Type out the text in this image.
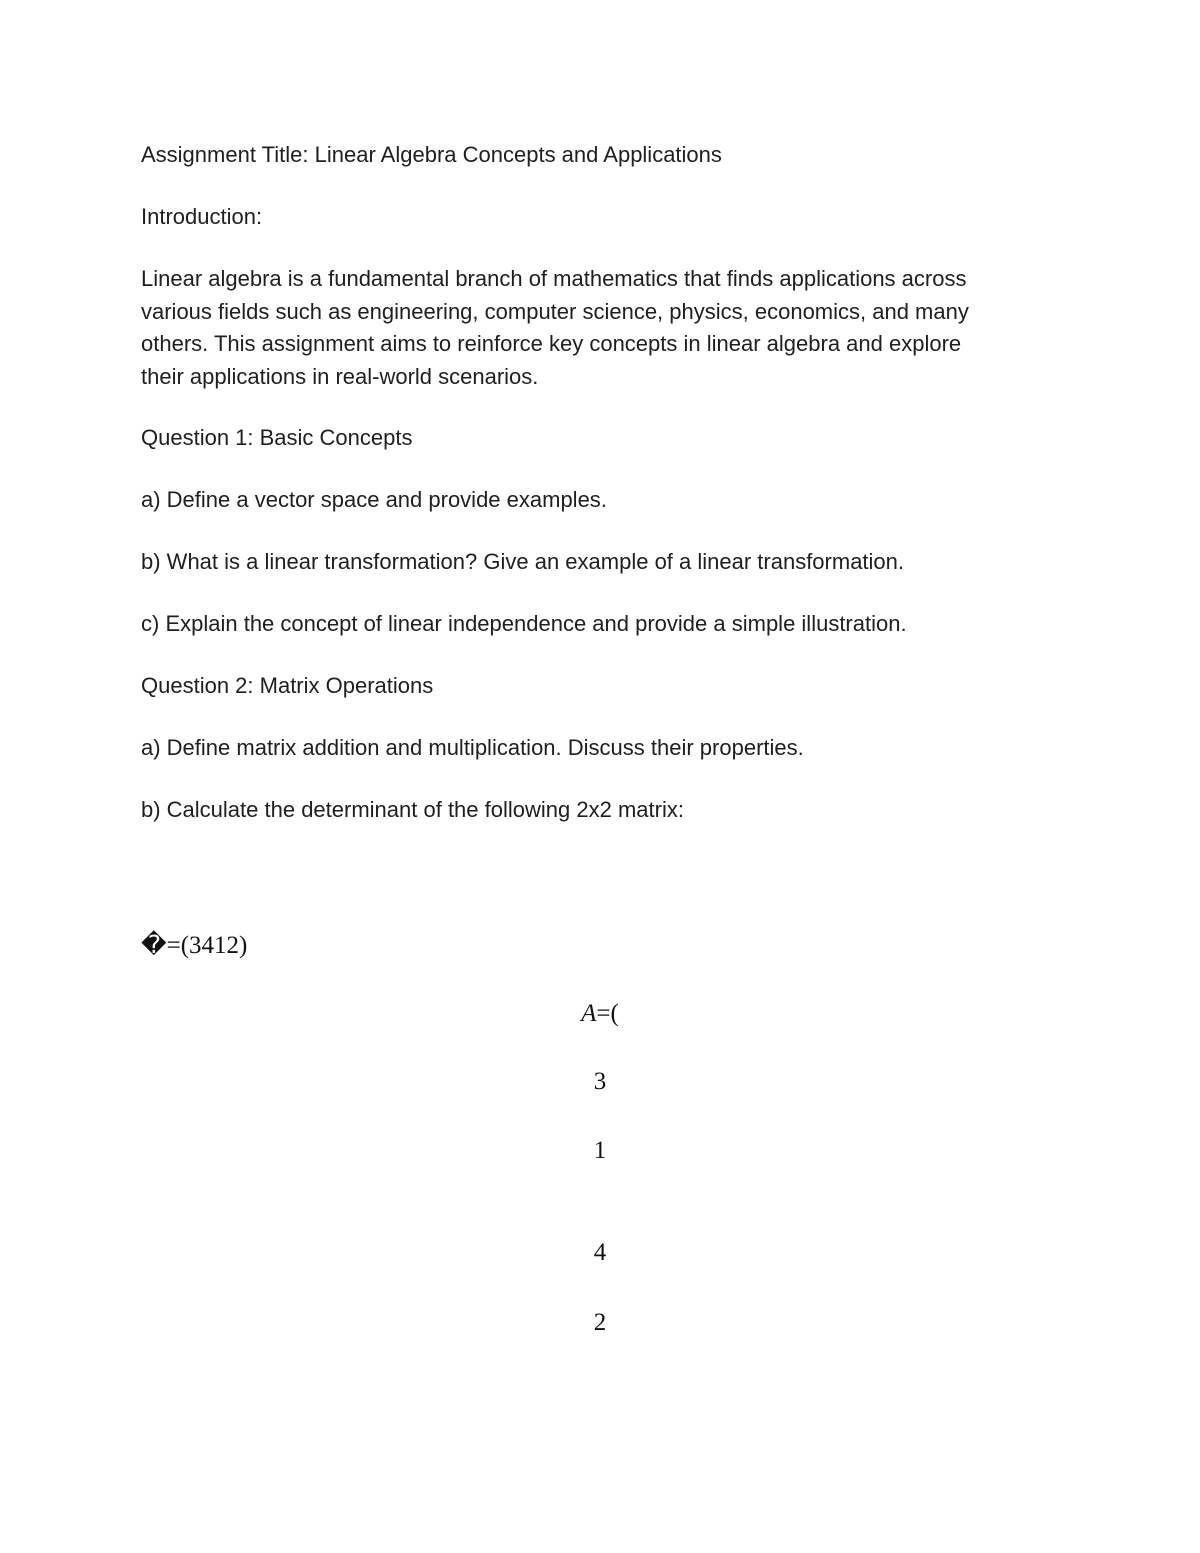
Assignment Title: Linear Algebra Concepts and Applications

Introduction:

Linear algebra is a fundamental branch of mathematics that finds applications across

various fields such as engineering, computer science, physics, economics, and many

others. This assignment aims to reinforce key concepts in linear algebra and explore

their applications in real-world scenarios.

Question 1: Basic Concepts

a) Define a vector space and provide examples.

b) What is a linear transformation? Give an example of a linear transformation.

c) Explain the concept of linear independence and provide a simple illustration.

Question 2: Matrix Operations

a) Define matrix addition and multiplication. Discuss their properties.

b) Calculate the determinant of the following 2x2 matrix:

�=(3412)

A=(

3

1

4

2
